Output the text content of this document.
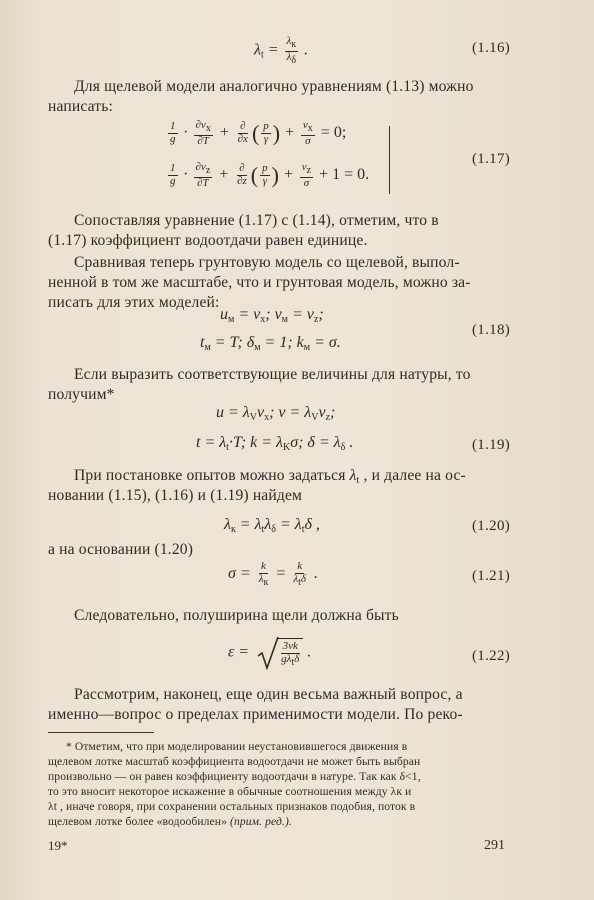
$\lambda_t = \frac{\lambda к}{\lambda\delta}$ .	(1.16)
Для щелевой модели аналогично уравнениям (1.13) можно
написать:
$\frac{1}{g} \cdot \frac{\partial vx}{\partial T} + \frac{\partial}{\partial x}$ ( $\frac{p}{\gamma}$ ) + $\frac{vx}{\sigma} = 0$;
$\frac{1}{g} \cdot \frac{\partial vz}{\partial T} + \frac{\partial}{\partial z}$ ( $\frac{p}{\gamma}$ ) + $\frac{vz}{\sigma} + 1 = 0$.
(1.17)
Сопоставляя уравнение (1.17) с (1.14), отметим, что в
(1.17) коэффициент водоотдачи равен единице.
Сравнивая теперь грунтовую модель со щелевой, выпол-
ненной в том же масштабе, что и грунтовая модель, можно за-
писать для этих моделей:
$u_м = v_x$; $v_м = v_z$;
$t_м = T$; $\delta_м = 1$; $k_м = \sigma$.
(1.18)
Если выразить соответствующие величины для натуры, то
получим*
$u = \lambda_Vv_x$; $v = \lambda_Vv_z$;
$t = \lambda_t\cdot T$; $k = \lambda_K\sigma$; $\delta = \lambda_\delta$ .	(1.19)
При постановке опытов можно задаться $\lambda_t$ , и далее на ос-
новании (1.15), (1.16) и (1.19) найдем
$\lambda_к = \lambda_t\lambda_\delta = \lambda_t\delta$ ,	(1.20)
а на основании (1.20)
$\sigma = \frac{k}{\lambda к} = \frac{k}{\text{λtδ}}$ .	(1.21)
Следовательно, полуширина щели должна быть
ε =	$\frac{3\nu k}{\text{gλtδ}}$ .	(1.22)
Рассмотрим, наконец, еще один весьма важный вопрос, а
именно—вопрос о пределах применимости модели. По реко-
* Отметим, что при моделировании неустановившегося движения в
щелевом лотке масштаб коэффициента водоотдачи не может быть выбран
произвольно — он равен коэффициенту водоотдачи в натуре. Так как δ<1,
то это вносит некоторое искажение в обычные соотношения между λк и
λt , иначе говоря, при сохранении остальных признаков подобия, поток в
щелевом лотке более «водообилен» (прим. ред.).
19*	291
